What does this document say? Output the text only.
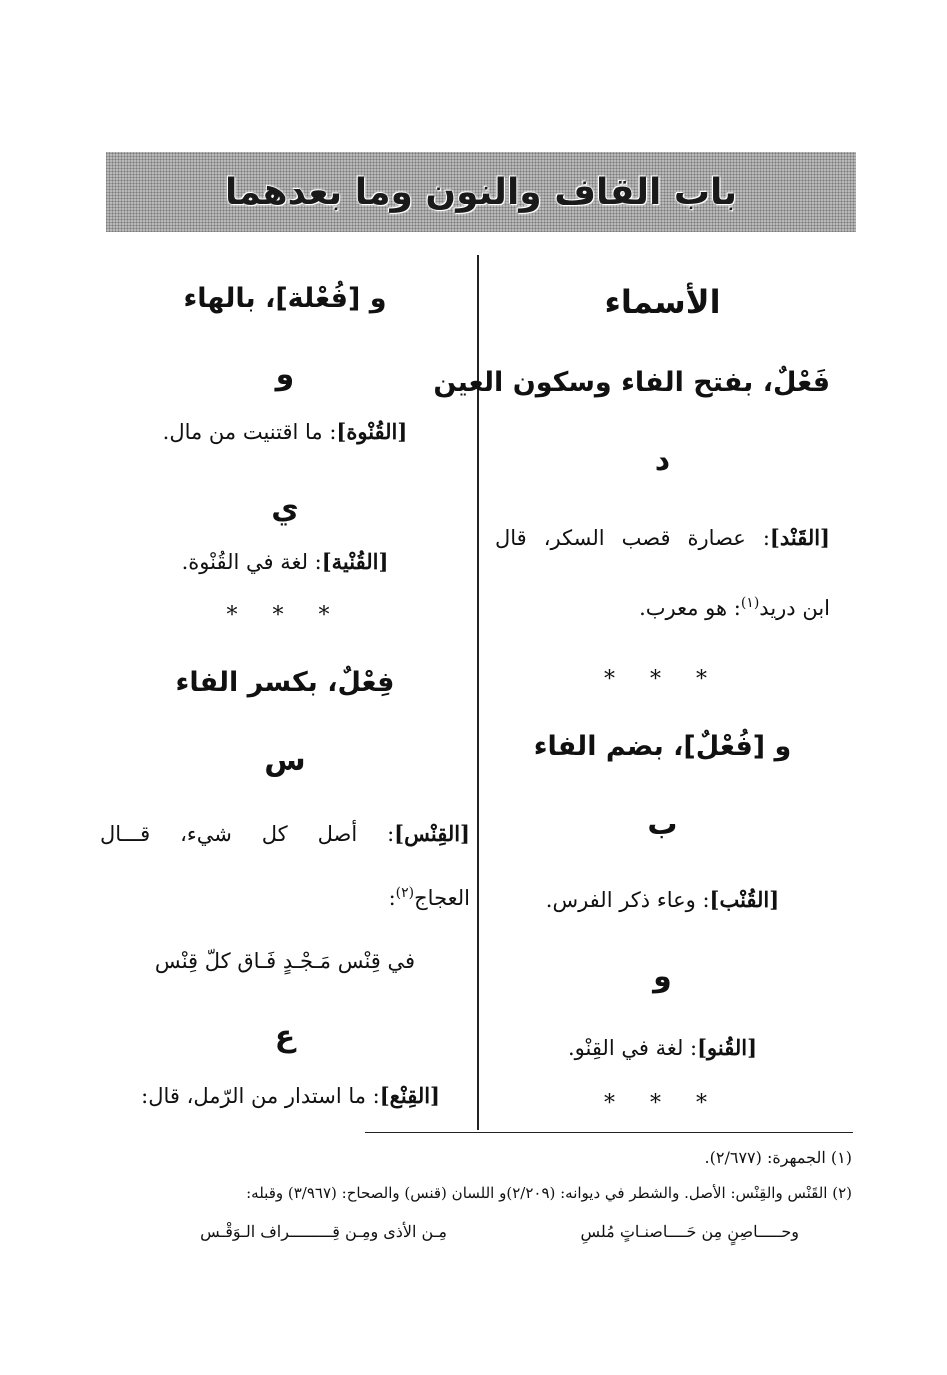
باب القاف والنون وما بعدهما
الأسماء
فَعْلٌ، بفتح الفاء وسكون العين
د
[القَنْد]: عصارة قصب السكر، قال
ابن دريد$^{(١)}$: هو معرب.
* * *
و [فُعْلٌ]، بضم الفاء
ب
[القُنْب]: وعاء ذكر الفرس.
و
[القُنو]: لغة في القِنْو.
* * *
و [فُعْلة]، بالهاء
و
[القُنْوة]: ما اقتنيت من مال.
ي
[القُنْية]: لغة في القُنْوة.
* * *
فِعْلٌ، بكسر الفاء
س
[القِنْس]: أصل كل شيء، قـــال
العجاج$^{(٢)}$:
في قِنْس مَـجْـدٍ فَـاق كلّ قِنْس
ع
[القِنْع]: ما استدار من الرّمل، قال:
(١) الجمهرة: (٢/٦٧٧).
(٢) القَنْس والقِنْس: الأصل. والشطر في ديوانه: (٢/٢٠٩)و اللسان (قنس) والصحاح: (٣/٩٦٧) وقبله:
وحـــــاصِنٍ مِن حَــــاصنـاتٍ مُلسِ
مِـن الأذى ومِـن قِـــــــــراف الـوَقْـس
